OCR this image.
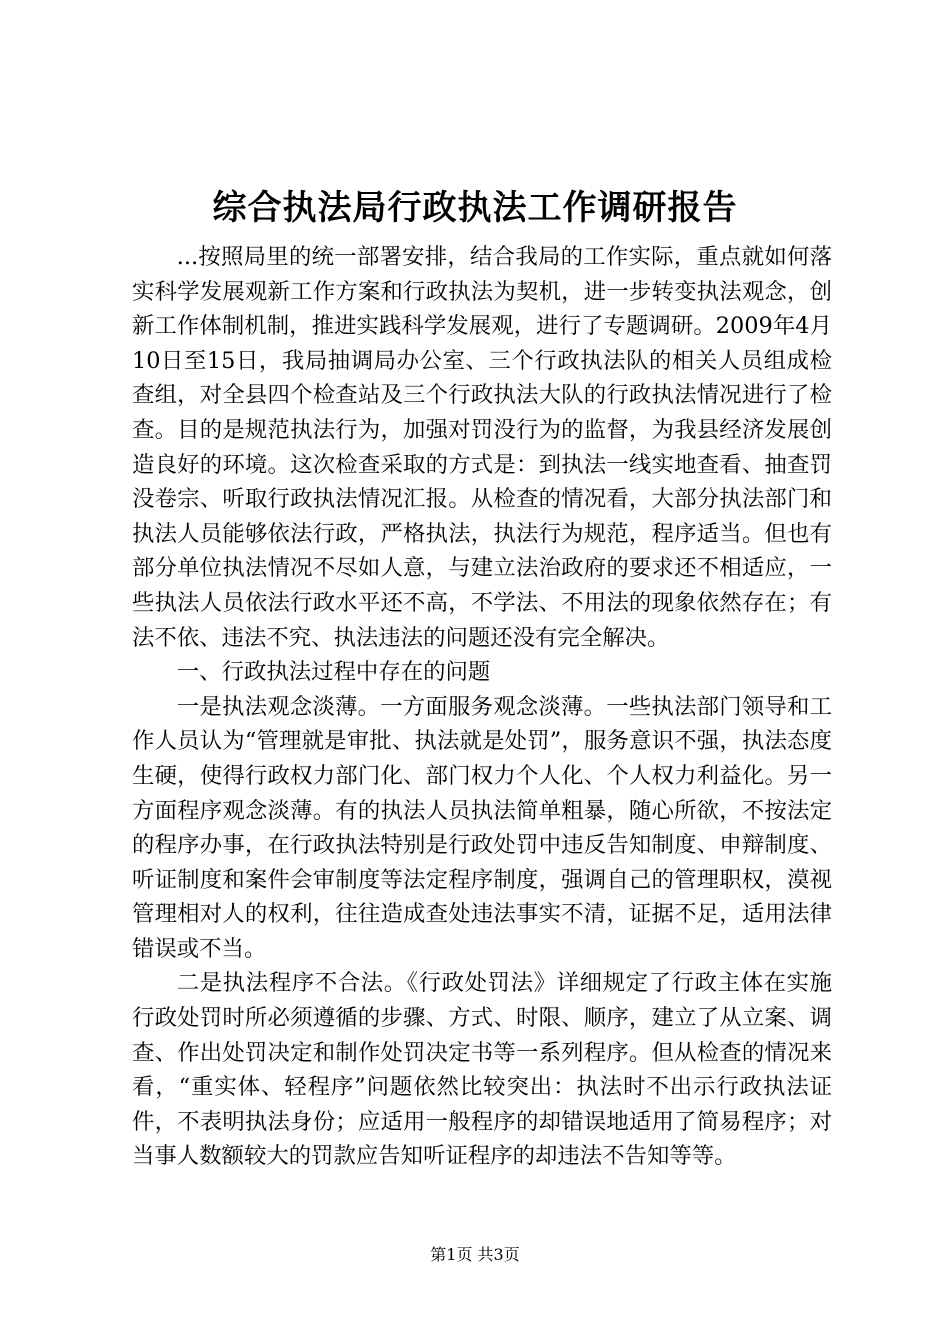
综合执法局行政执法工作调研报告

...按照局里的统一部署安排，结合我局的工作实际，重点就如何落实科学发展观新工作方案和行政执法为契机，进一步转变执法观念，创新工作体制机制，推进实践科学发展观，进行了专题调研。2009年4月10日至15日，我局抽调局办公室、三个行政执法队的相关人员组成检查组，对全县四个检查站及三个行政执法大队的行政执法情况进行了检查。目的是规范执法行为，加强对罚没行为的监督，为我县经济发展创造良好的环境。这次检查采取的方式是：到执法一线实地查看、抽查罚没卷宗、听取行政执法情况汇报。从检查的情况看，大部分执法部门和执法人员能够依法行政，严格执法，执法行为规范，程序适当。但也有部分单位执法情况不尽如人意，与建立法治政府的要求还不相适应，一些执法人员依法行政水平还不高，不学法、不用法的现象依然存在；有法不依、违法不究、执法违法的问题还没有完全解决。

一、行政执法过程中存在的问题

一是执法观念淡薄。一方面服务观念淡薄。一些执法部门领导和工作人员认为“管理就是审批、执法就是处罚”，服务意识不强，执法态度生硬，使得行政权力部门化、部门权力个人化、个人权力利益化。另一方面程序观念淡薄。有的执法人员执法简单粗暴，随心所欲，不按法定的程序办事，在行政执法特别是行政处罚中违反告知制度、申辩制度、听证制度和案件会审制度等法定程序制度，强调自己的管理职权，漠视管理相对人的权利，往往造成查处违法事实不清，证据不足，适用法律错误或不当。

二是执法程序不合法。《行政处罚法》详细规定了行政主体在实施行政处罚时所必须遵循的步骤、方式、时限、顺序，建立了从立案、调查、作出处罚决定和制作处罚决定书等一系列程序。但从检查的情况来看，“重实体、轻程序”问题依然比较突出：执法时不出示行政执法证件，不表明执法身份；应适用一般程序的却错误地适用了简易程序；对当事人数额较大的罚款应告知听证程序的却违法不告知等等。

第1页 共3页
